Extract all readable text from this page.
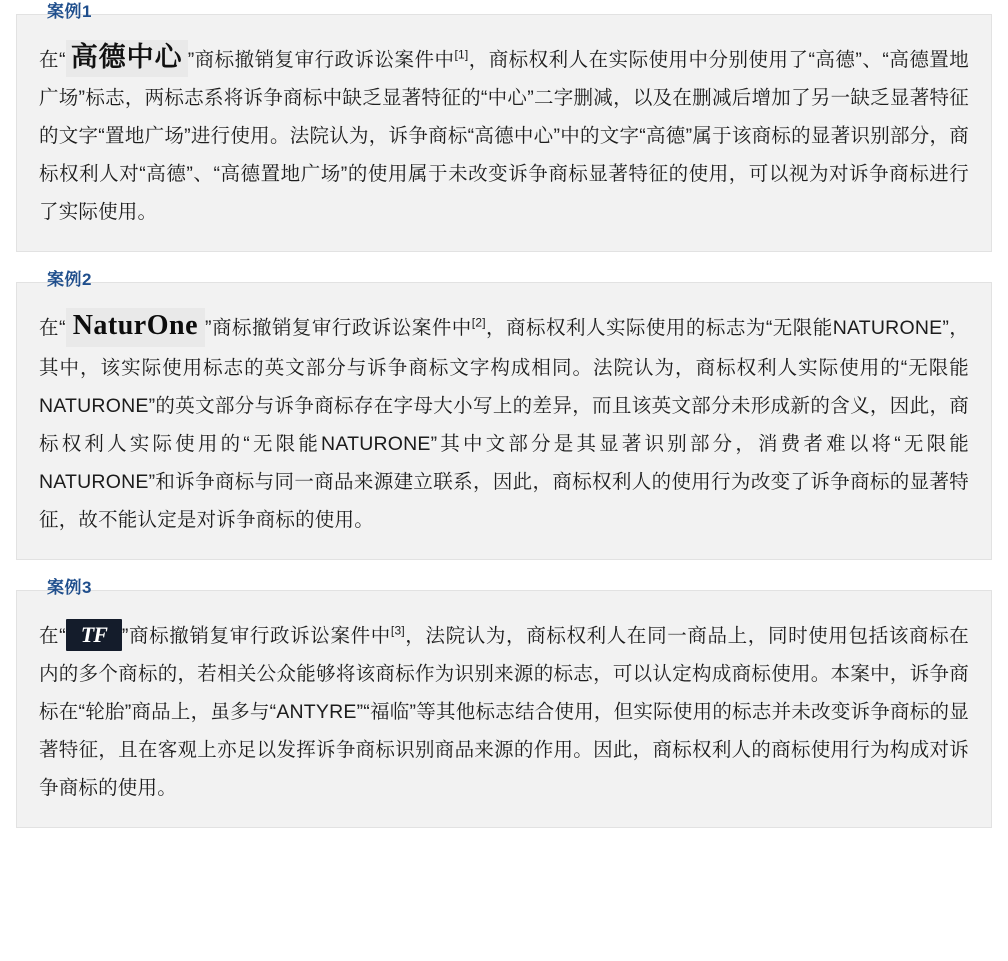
案例1
在“ 高德中心 ”商标撤销复审行政诉讼案件中[1]，商标权利人在实际使用中分别使用了“高德”、“高德置地广场”标志，两标志系将诉争商标中缺乏显著特征的“中心”二字删减，以及在删减后增加了另一缺乏显著特征的文字“置地广场”进行使用。法院认为，诉争商标“高德中心”中的文字“高德”属于该商标的显著识别部分，商标权利人对“高德”、“高德置地广场”的使用属于未改变诉争商标显著特征的使用，可以视为对诉争商标进行了实际使用。
案例2
在“ NaturOne ”商标撤销复审行政诉讼案件中[2]，商标权利人实际使用的标志为“无限能NATURONE”，其中，该实际使用标志的英文部分与诉争商标文字构成相同。法院认为，商标权利人实际使用的“无限能NATURONE”的英文部分与诉争商标存在字母大小写上的差异，而且该英文部分未形成新的含义，因此，商标权利人实际使用的“无限能NATURONE”其中文部分是其显著识别部分，消费者难以将“无限能NATURONE”和诉争商标与同一商品来源建立联系，因此，商标权利人的使用行为改变了诉争商标的显著特征，故不能认定是对诉争商标的使用。
案例3
在“ TF ”商标撤销复审行政诉讼案件中[3]，法院认为，商标权利人在同一商品上，同时使用包括该商标在内的多个商标的，若相关公众能够将该商标作为识别来源的标志，可以认定构成商标使用。本案中，诉争商标在“轮胎”商品上，虽多与“ANTYRE”“福临”等其他标志结合使用，但实际使用的标志并未改变诉争商标的显著特征，且在客观上亦足以发挥诉争商标识别商品来源的作用。因此，商标权利人的商标使用行为构成对诉争商标的使用。
